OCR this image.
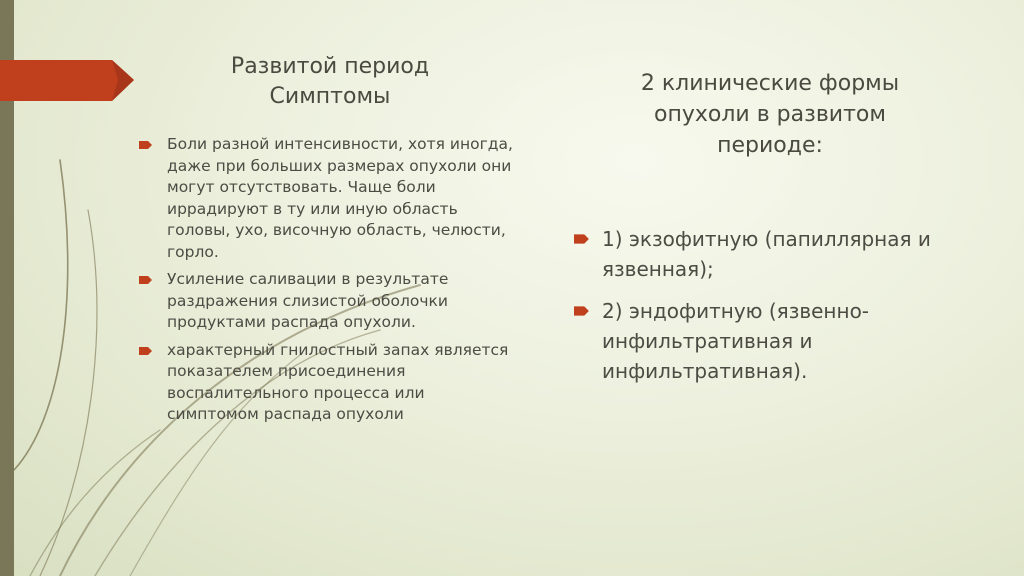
Развитой период
Симптомы
Боли разной интенсивности, хотя иногда, даже при больших размерах опухоли они могут отсутствовать. Чаще боли иррадируют в ту или иную область головы, ухо, височную область, челюсти, горло.
Усиление саливации в результате раздражения слизистой оболочки продуктами распада опухоли.
характерный гнилостный запах является показателем присоединения воспалительного процесса или симптомом распада опухоли
2 клинические формы
опухоли в развитом
периоде:
1) экзофитную (папиллярная и язвенная);
2) эндофитную (язвенно-инфильтративная и инфильтративная).
